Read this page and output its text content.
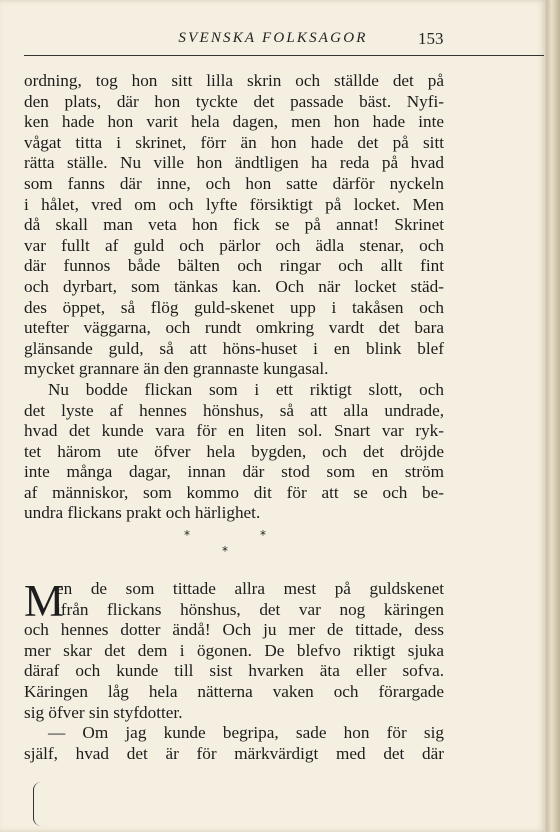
SVENSKA FOLKSAGOR	153
ordning, tog hon sitt lilla skrin och ställde det på
den plats, där hon tyckte det passade bäst. Nyfi-
ken hade hon varit hela dagen, men hon hade inte
vågat titta i skrinet, förr än hon hade det på sitt
rätta ställe. Nu ville hon ändtligen ha reda på hvad
som fanns där inne, och hon satte därför nyckeln
i hålet, vred om och lyfte försiktigt på locket. Men
då skall man veta hon fick se på annat! Skrinet
var fullt af guld och pärlor och ädla stenar, och
där funnos både bälten och ringar och allt fint
och dyrbart, som tänkas kan. Och när locket städ-
des öppet, så flög guld-skenet upp i takåsen och
utefter väggarna, och rundt omkring vardt det bara
glänsande guld, så att höns-huset i en blink blef
mycket grannare än den grannaste kungasal.
Nu bodde flickan som i ett riktigt slott, och
det lyste af hennes hönshus, så att alla undrade,
hvad det kunde vara för en liten sol. Snart var ryk-
tet härom ute öfver hela bygden, och det dröjde
inte många dagar, innan där stod som en ström
af människor, som kommo dit för att se och be-
undra flickans prakt och härlighet.
*	*
*
M
en de som tittade allra mest på guldskenet
ifrån flickans hönshus, det var nog käringen
och hennes dotter ändå! Och ju mer de tittade, dess
mer skar det dem i ögonen. De blefvo riktigt sjuka
däraf och kunde till sist hvarken äta eller sofva.
Käringen låg hela nätterna vaken och förargade
sig öfver sin styfdotter.
— Om jag kunde begripa, sade hon för sig
själf, hvad det är för märkvärdigt med det där
